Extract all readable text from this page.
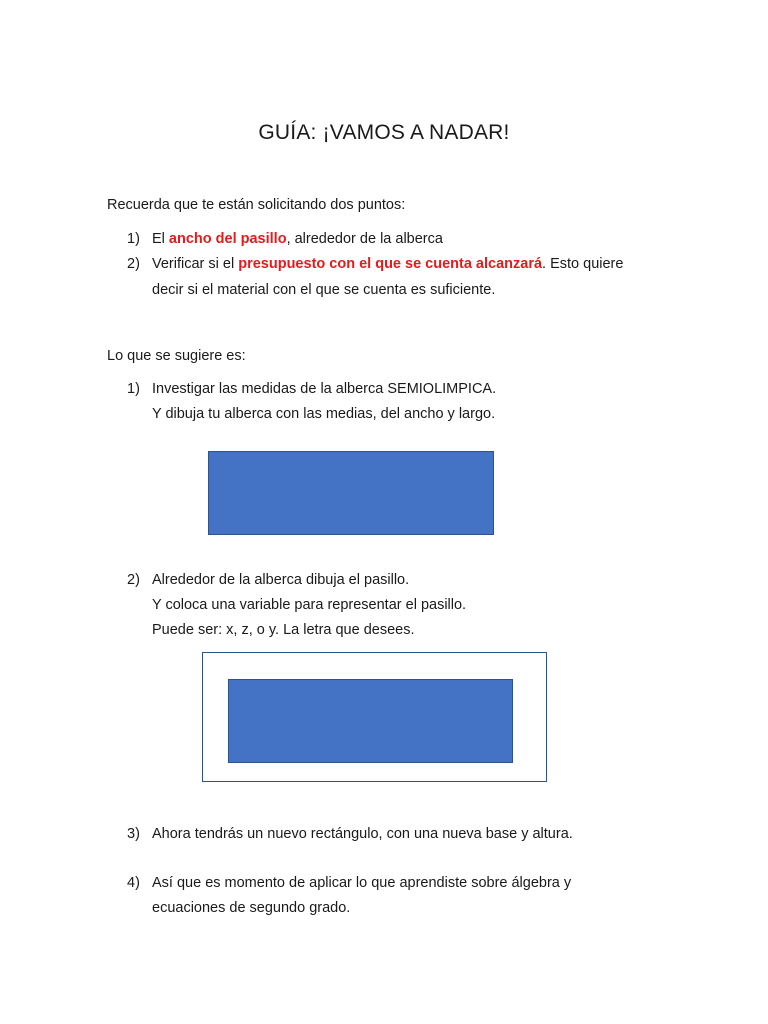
GUÍA: ¡VAMOS A NADAR!
Recuerda que te están solicitando dos puntos:
1) El ancho del pasillo, alrededor de la alberca
2) Verificar si el presupuesto con el que se cuenta alcanzará. Esto quiere
decir si el material con el que se cuenta es suficiente.
Lo que se sugiere es:
1) Investigar las medidas de la alberca SEMIOLIMPICA.
Y dibuja tu alberca con las medias, del ancho y largo.
2) Alrededor de la alberca dibuja el pasillo.
Y coloca una variable para representar el pasillo.
Puede ser: x, z, o y. La letra que desees.
3) Ahora tendrás un nuevo rectángulo, con una nueva base y altura.
4) Así que es momento de aplicar lo que aprendiste sobre álgebra y
ecuaciones de segundo grado.
